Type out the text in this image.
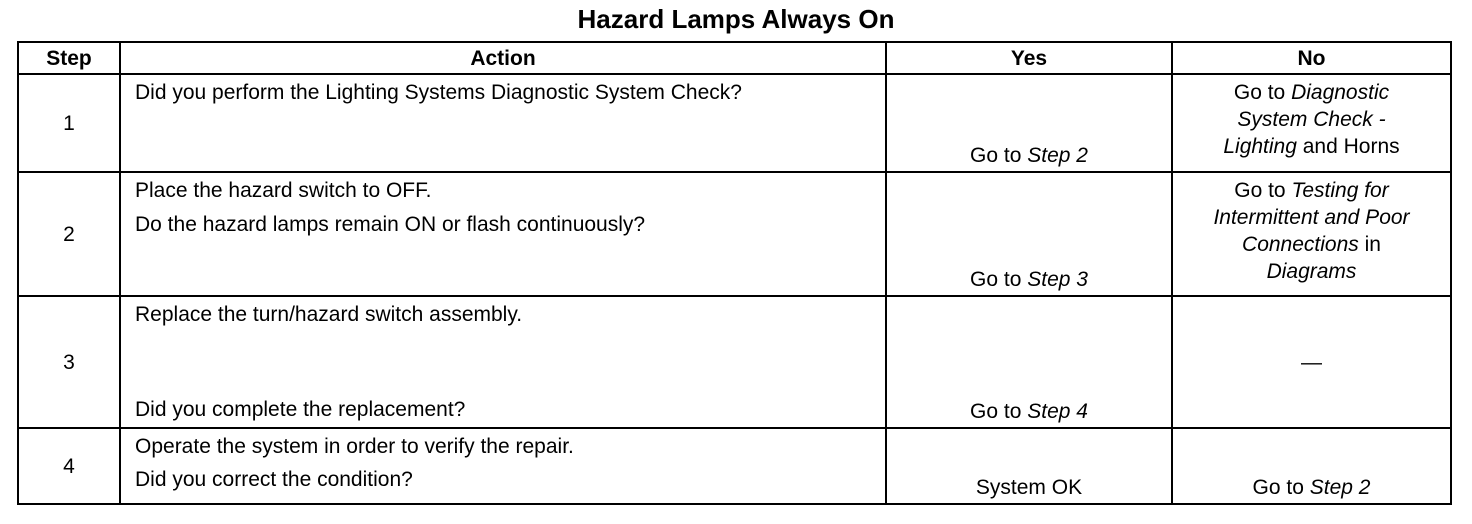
Hazard Lamps Always On
Step	Action	Yes	No
1	Did you perform the Lighting Systems Diagnostic System Check?	Go to Step 2	Go to Diagnostic
System Check -
Lighting and Horns

2	Place the hazard switch to OFF.
Do the hazard lamps remain ON or flash continuously?	Go to Step 3	Go to Testing for
Intermittent and Poor
Connections in
Diagrams

3	Replace the turn/hazard switch assembly.
Did you complete the replacement?	Go to Step 4	—
4	Operate the system in order to verify the repair.
Did you correct the condition?	System OK	Go to Step 2
